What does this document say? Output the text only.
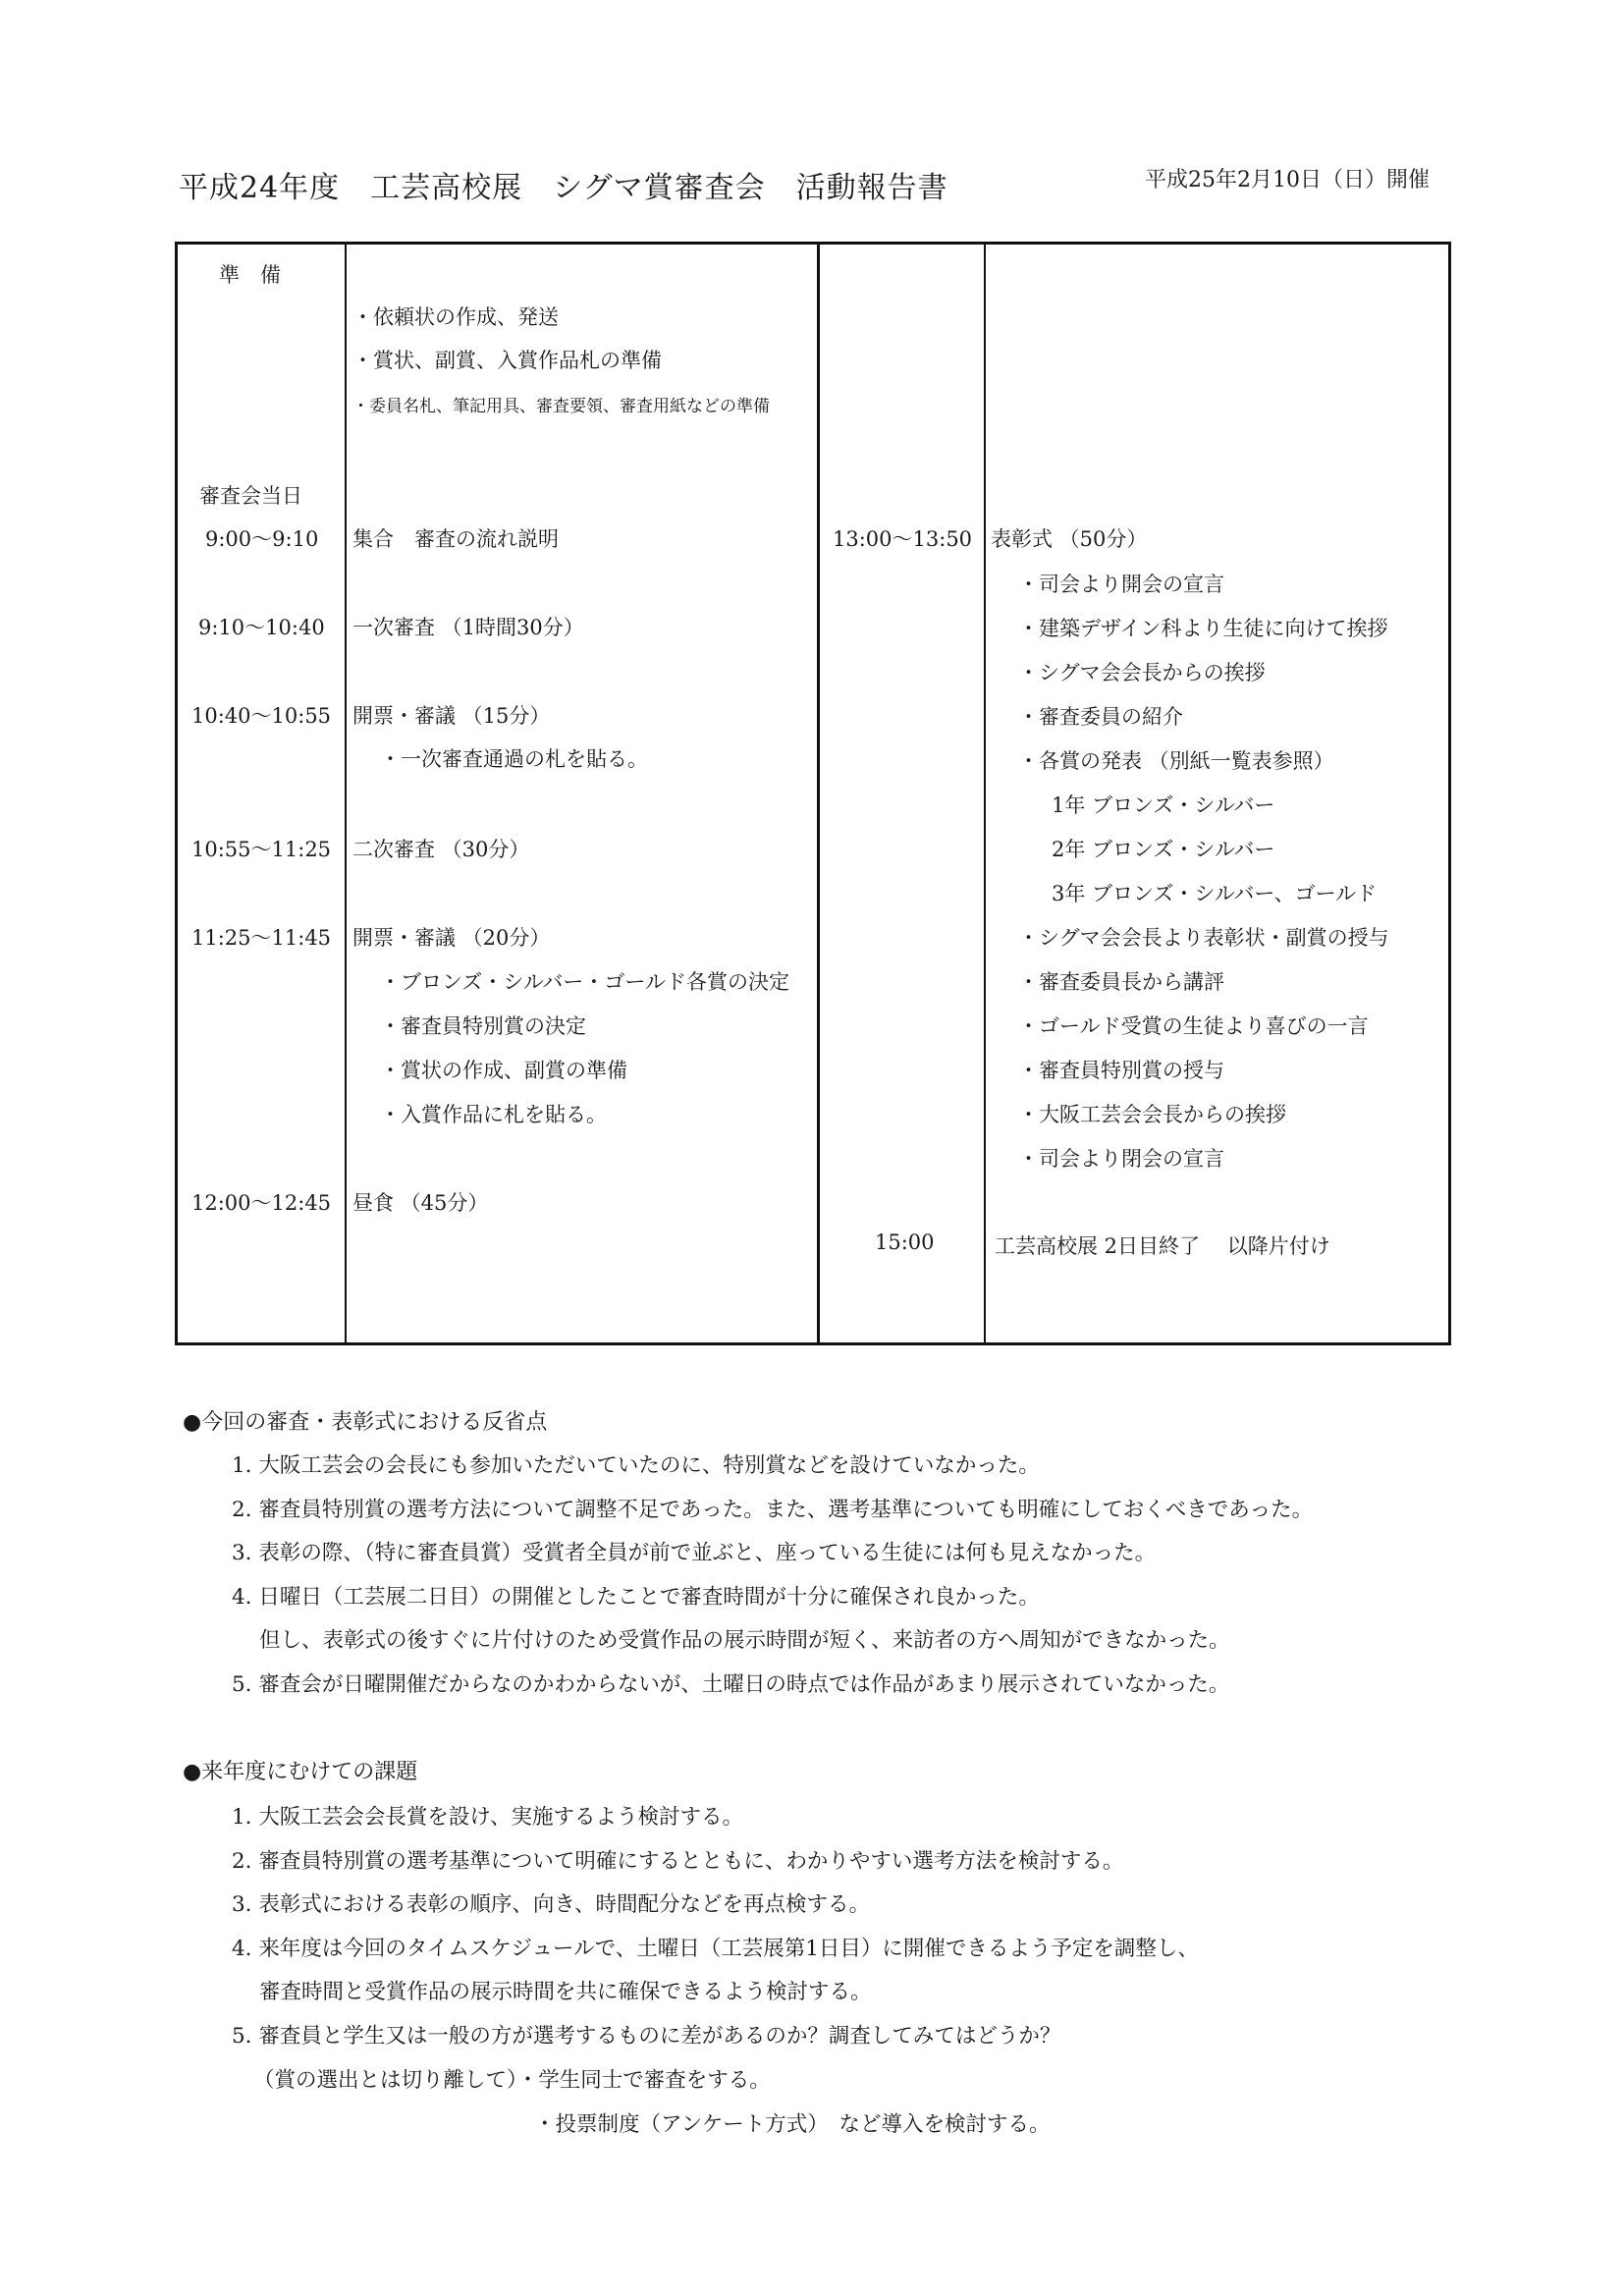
平成24年度　工芸高校展　シグマ賞審査会　活動報告書	平成25年2月10日（日）開催
準　備
・依頼状の作成、発送
・賞状、副賞、入賞作品札の準備
・委員名札、筆記用具、審査要領、審査用紙などの準備
審査会当日
9:00～9:10 集合　審査の流れ説明
9:10～10:40 一次審査 （1時間30分）
10:40～10:55 開票・審議 （15分）
・一次審査通過の札を貼る。
10:55～11:25 二次審査 （30分）
11:25～11:45 開票・審議 （20分）
・ブロンズ・シルバー・ゴールド各賞の決定
・審査員特別賞の決定
・賞状の作成、副賞の準備
・入賞作品に札を貼る。
12:00～12:45 昼食 （45分）
13:00～13:50 表彰式 （50分）
・司会より開会の宣言
・建築デザイン科より生徒に向けて挨拶
・シグマ会会長からの挨拶
・審査委員の紹介
・各賞の発表 （別紙一覧表参照）
1年 ブロンズ・シルバー
2年 ブロンズ・シルバー
3年 ブロンズ・シルバー、ゴールド
・シグマ会会長より表彰状・副賞の授与
・審査委員長から講評
・ゴールド受賞の生徒より喜びの一言
・審査員特別賞の授与
・大阪工芸会会長からの挨拶
・司会より閉会の宣言
15:00	工芸高校展 2日目終了　 以降片付け
●今回の審査・表彰式における反省点
1. 大阪工芸会の会長にも参加いただいていたのに、特別賞などを設けていなかった。
2. 審査員特別賞の選考方法について調整不足であった。また、選考基準についても明確にしておくべきであった。
3. 表彰の際、（特に審査員賞）受賞者全員が前で並ぶと、座っている生徒には何も見えなかった。
4. 日曜日（工芸展二日目）の開催としたことで審査時間が十分に確保され良かった。
但し、表彰式の後すぐに片付けのため受賞作品の展示時間が短く、来訪者の方へ周知ができなかった。
5. 審査会が日曜開催だからなのかわからないが、土曜日の時点では作品があまり展示されていなかった。
●来年度にむけての課題
1. 大阪工芸会会長賞を設け、実施するよう検討する。
2. 審査員特別賞の選考基準について明確にするとともに、わかりやすい選考方法を検討する。
3. 表彰式における表彰の順序、向き、時間配分などを再点検する。
4. 来年度は今回のタイムスケジュールで、土曜日（工芸展第1日目）に開催できるよう予定を調整し、
審査時間と受賞作品の展示時間を共に確保できるよう検討する。
5. 審査員と学生又は一般の方が選考するものに差があるのか？調査してみてはどうか？
（賞の選出とは切り離して）・学生同士で審査をする。
・投票制度（アンケート方式）　など導入を検討する。
